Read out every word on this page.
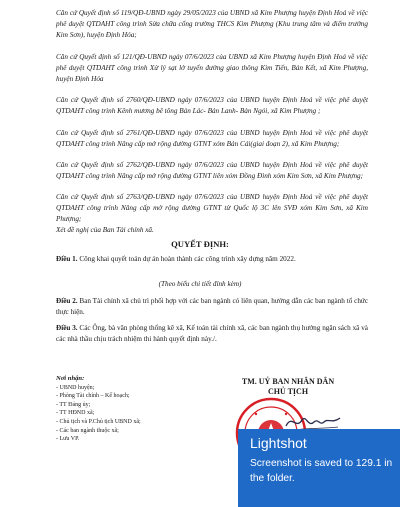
Căn cứ Quyết định số 119/QĐ-UBND ngày 29/05/2023 của UBND xã Kim Phượng huyện Định Hoá về việc phê duyệt QTDAHT công trình Sửa chữa cổng trường THCS Kim Phượng (Khu trung tâm và điểm trường Kim Sơn), huyện Định Hóa;

Căn cứ Quyết định số 121/QĐ-UBND ngày 07/6/2023 của UBND xã Kim Phượng huyện Định Hoá về việc phê duyệt QTDAHT công trình Xử lý sạt lở tuyến đường giao thông Kim Tiến, Bản Kết, xã Kim Phượng, huyện Định Hóa

Căn cứ Quyết định số 2760/QĐ-UBND ngày 07/6/2023 của UBND huyện Định Hoá về việc phê duyệt QTDAHT công trình Kênh mương bê tông Bản Lác- Bản Lanh- Bản Ngói, xã Kim Phượng ;

Căn cứ Quyết định số 2761/QĐ-UBND ngày 07/6/2023 của UBND huyện Định Hoá về việc phê duyệt QTDAHT công trình Nâng cấp mở rộng đường GTNT xóm Bản Cái(giai đoạn 2), xã Kim Phượng;

Căn cứ Quyết định số 2762/QĐ-UBND ngày 07/6/2023 của UBND huyện Định Hoá về việc phê duyệt QTDAHT công trình Nâng cấp mở rộng đường GTNT liên xóm Đồng Đình xóm Kim Sơn, xã Kim Phượng;

Căn cứ Quyết định số 2763/QĐ-UBND ngày 07/6/2023 của UBND huyện Định Hoá về việc phê duyệt QTDAHT công trình Nâng cấp mở rộng đường GTNT từ Quốc lộ 3C lên SVĐ xóm Kim Sơn, xã Kim Phượng;

Xét đề nghị của Ban Tài chính xã.

QUYẾT ĐỊNH:

Điều 1. Công khai quyết toán dự án hoàn thành các công trình xây dựng năm 2022.

(Theo biểu chi tiết đính kèm)

Điều 2. Ban Tài chính xã chủ trì phối hợp với các ban ngành có liên quan, hướng dẫn các ban ngành tổ chức thực hiện.

Điều 3. Các Ông, bà văn phòng thống kê xã, Kế toán tài chính xã, các ban ngành thụ hưởng ngân sách xã và các nhà thầu chịu trách nhiệm thi hành quyết định này./.

Nơi nhận:
- UBND huyện;
- Phòng Tài chính – Kế hoạch;
- TT Đảng ủy;
- TT HĐND xã;
- Chủ tịch và P.Chủ tịch UBND xã;
- Các ban ngành thuộc xã;
- Lưu VP.
TM. UỶ BAN NHÂN DÂN
CHỦ TỊCH
Lightshot
Screenshot is saved to 129.1 in the folder.
